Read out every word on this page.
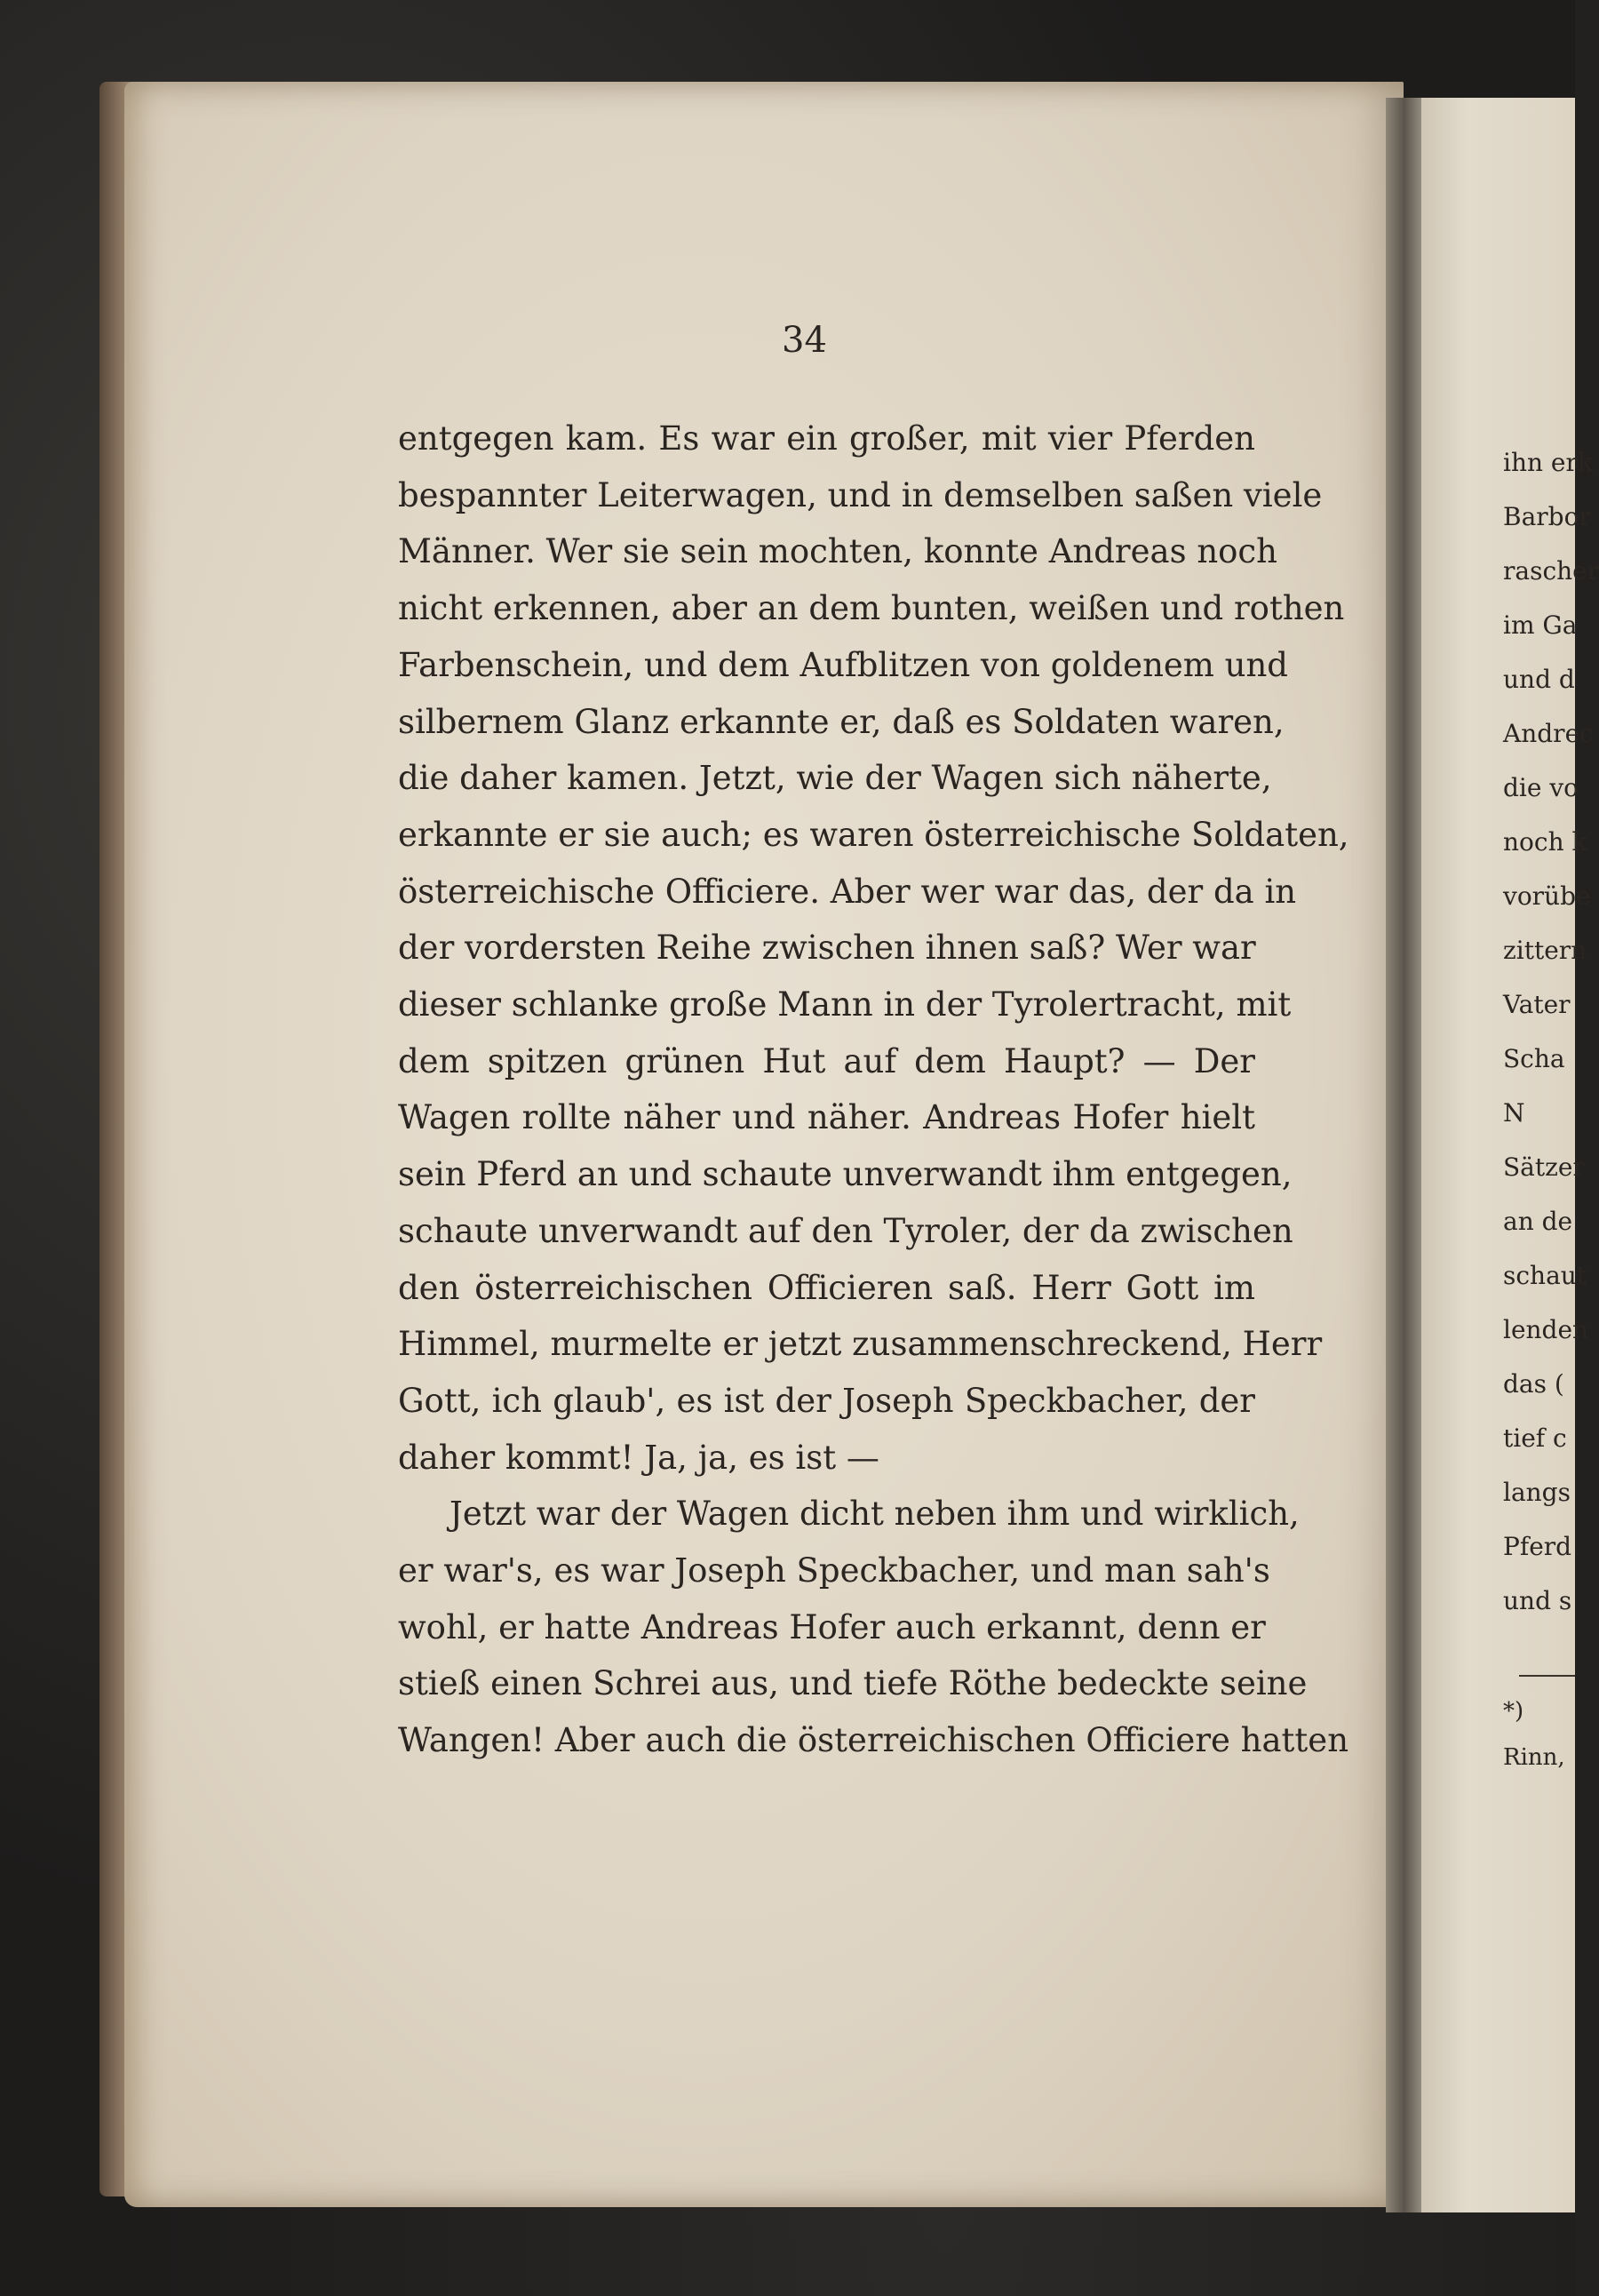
34
entgegen kam. Es war ein großer, mit vier Pferden
bespannter Leiterwagen, und in demselben saßen viele
Männer. Wer sie sein mochten, konnte Andreas noch
nicht erkennen, aber an dem bunten, weißen und rothen
Farbenschein, und dem Aufblitzen von goldenem und
silbernem Glanz erkannte er, daß es Soldaten waren,
die daher kamen. Jetzt, wie der Wagen sich näherte,
erkannte er sie auch; es waren österreichische Soldaten,
österreichische Officiere. Aber wer war das, der da in
der vordersten Reihe zwischen ihnen saß? Wer war
dieser schlanke große Mann in der Tyrolertracht, mit
dem spitzen grünen Hut auf dem Haupt? — Der
Wagen rollte näher und näher. Andreas Hofer hielt
sein Pferd an und schaute unverwandt ihm entgegen,
schaute unverwandt auf den Tyroler, der da zwischen
den österreichischen Officieren saß. Herr Gott im
Himmel, murmelte er jetzt zusammenschreckend, Herr
Gott, ich glaub', es ist der Joseph Speckbacher, der
daher kommt! Ja, ja, es ist —
Jetzt war der Wagen dicht neben ihm und wirklich,
er war's, es war Joseph Speckbacher, und man sah's
wohl, er hatte Andreas Hofer auch erkannt, denn er
stieß einen Schrei aus, und tiefe Röthe bedeckte seine
Wangen! Aber auch die österreichischen Officiere hatten
ihn erk
Barbor
rascher
im Ga
und d
Andrec
die vo
noch k
vorübe
zittern
Vater
Scha
N
Sätzer
an de
schaut
lenden
das (
tief c
langs
Pferd
und s
*)
Rinn,
